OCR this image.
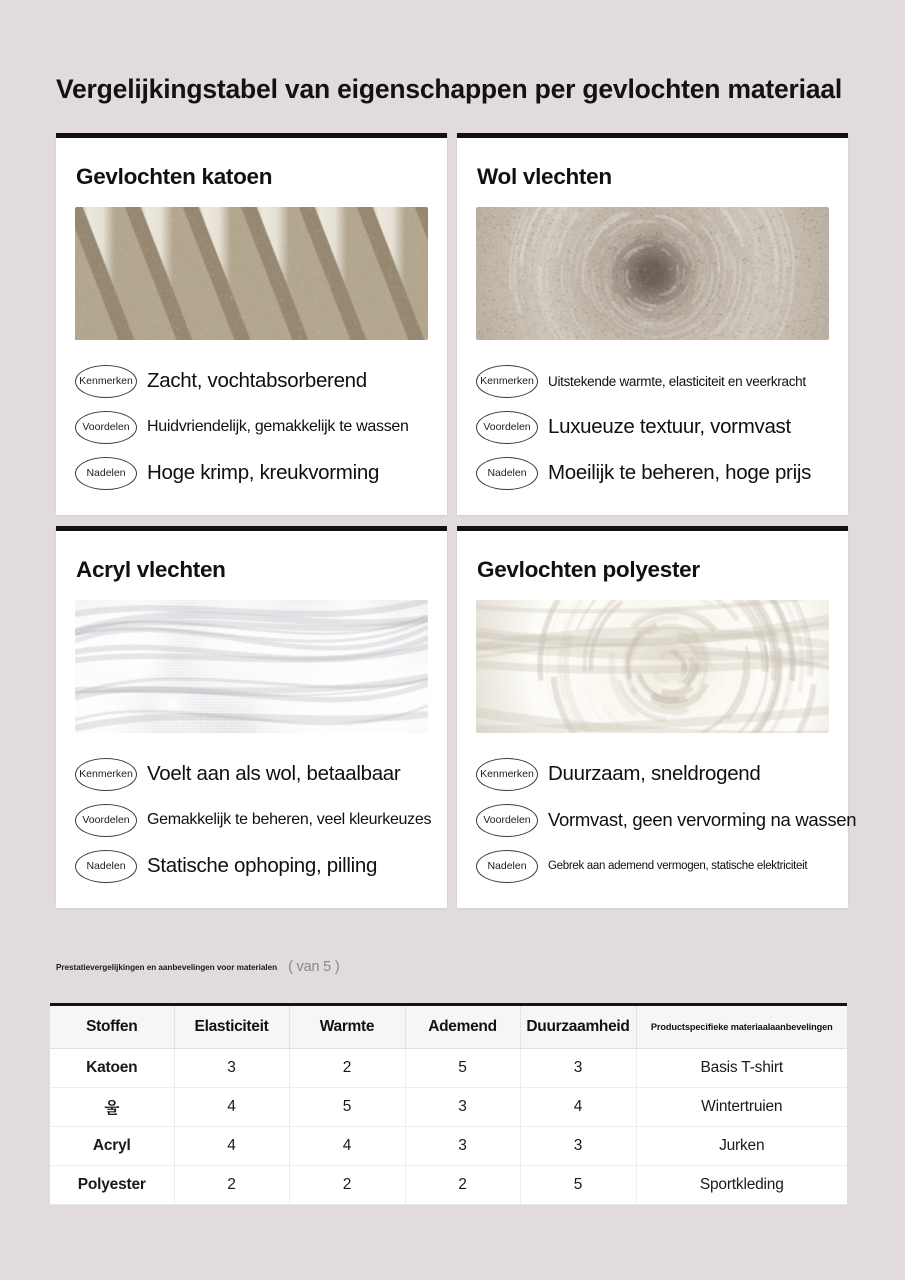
Vergelijkingstabel van eigenschappen per gevlochten materiaal
Gevlochten katoen
Kenmerken Zacht, vochtabsorberend
Voordelen	Huidvriendelijk, gemakkelijk te wassen
Nadelen	Hoge krimp, kreukvorming
Wol vlechten
Kenmerken	Uitstekende warmte, elasticiteit en veerkracht
Voordelen Luxueuze textuur, vormvast
Nadelen	Moeilijk te beheren, hoge prijs
Acryl vlechten
Kenmerken Voelt aan als wol, betaalbaar
Voordelen	Gemakkelijk te beheren, veel kleurkeuzes
Nadelen	Statische ophoping, pilling
Gevlochten polyester
Kenmerken Duurzaam, sneldrogend
Voordelen Vormvast, geen vervorming na wassen
Nadelen	Gebrek aan ademend vermogen, statische elektriciteit
Prestatievergelijkingen en aanbevelingen voor materialen ( van 5 )
Stoffen	Elasticiteit	Warmte	Ademend	Duurzaamheid	Productspecifieke materiaalaanbevelingen
Katoen	3	2	5	3	Basis T-shirt
울	4	5	3	4	Wintertruien
Acryl	4	4	3	3	Jurken
Polyester	2	2	2	5	Sportkleding
